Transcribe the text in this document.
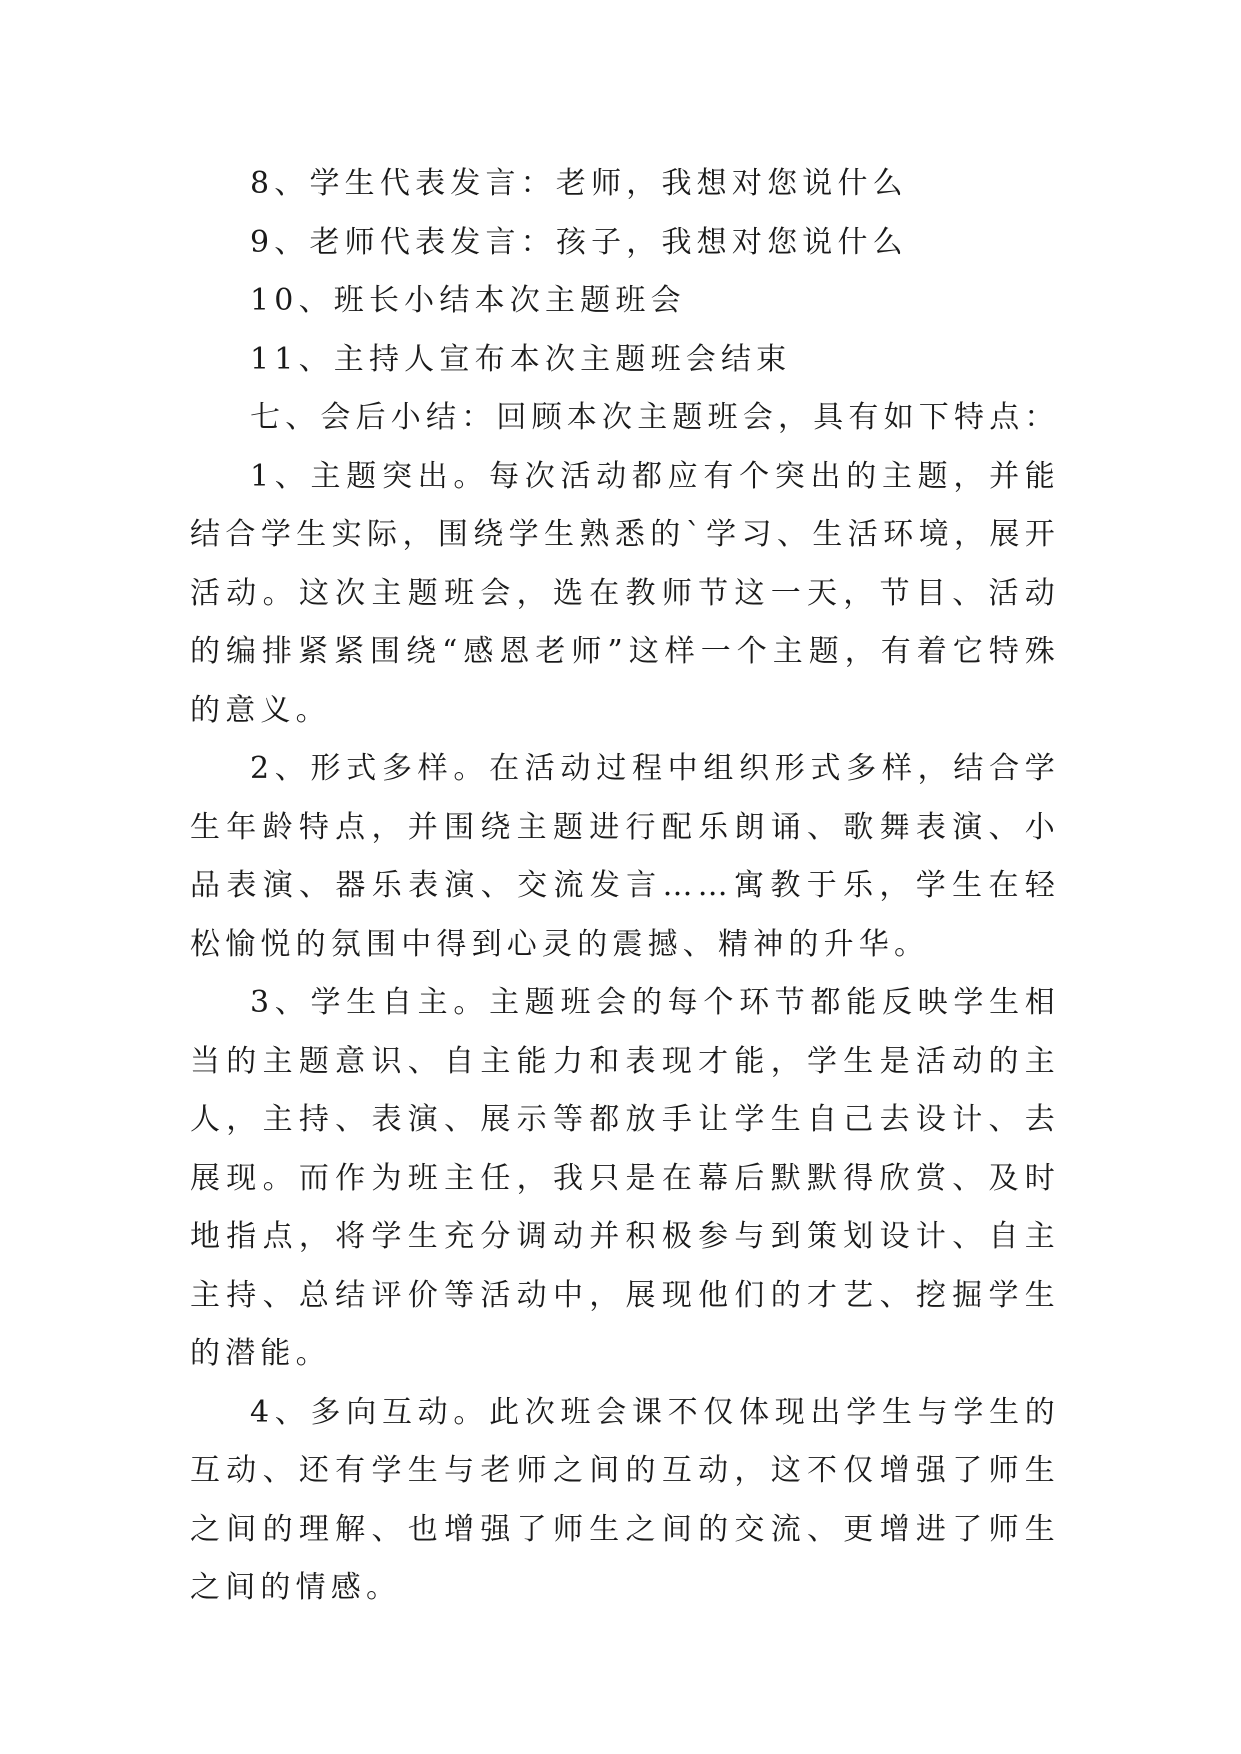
8、学生代表发言：老师，我想对您说什么

9、老师代表发言：孩子，我想对您说什么

10、班长小结本次主题班会

11、主持人宣布本次主题班会结束

七、会后小结：回顾本次主题班会，具有如下特点：

1、主题突出。每次活动都应有个突出的主题，并能结合学生实际，围绕学生熟悉的`学习、生活环境，展开活动。这次主题班会，选在教师节这一天，节目、活动的编排紧紧围绕“感恩老师”这样一个主题，有着它特殊的意义。

2、形式多样。在活动过程中组织形式多样，结合学生年龄特点，并围绕主题进行配乐朗诵、歌舞表演、小品表演、器乐表演、交流发言……寓教于乐，学生在轻松愉悦的氛围中得到心灵的震撼、精神的升华。

3、学生自主。主题班会的每个环节都能反映学生相当的主题意识、自主能力和表现才能，学生是活动的主人，主持、表演、展示等都放手让学生自己去设计、去展现。而作为班主任，我只是在幕后默默得欣赏、及时地指点，将学生充分调动并积极参与到策划设计、自主主持、总结评价等活动中，展现他们的才艺、挖掘学生的潜能。

4、多向互动。此次班会课不仅体现出学生与学生的互动、还有学生与老师之间的互动，这不仅增强了师生之间的理解、也增强了师生之间的交流、更增进了师生之间的情感。
